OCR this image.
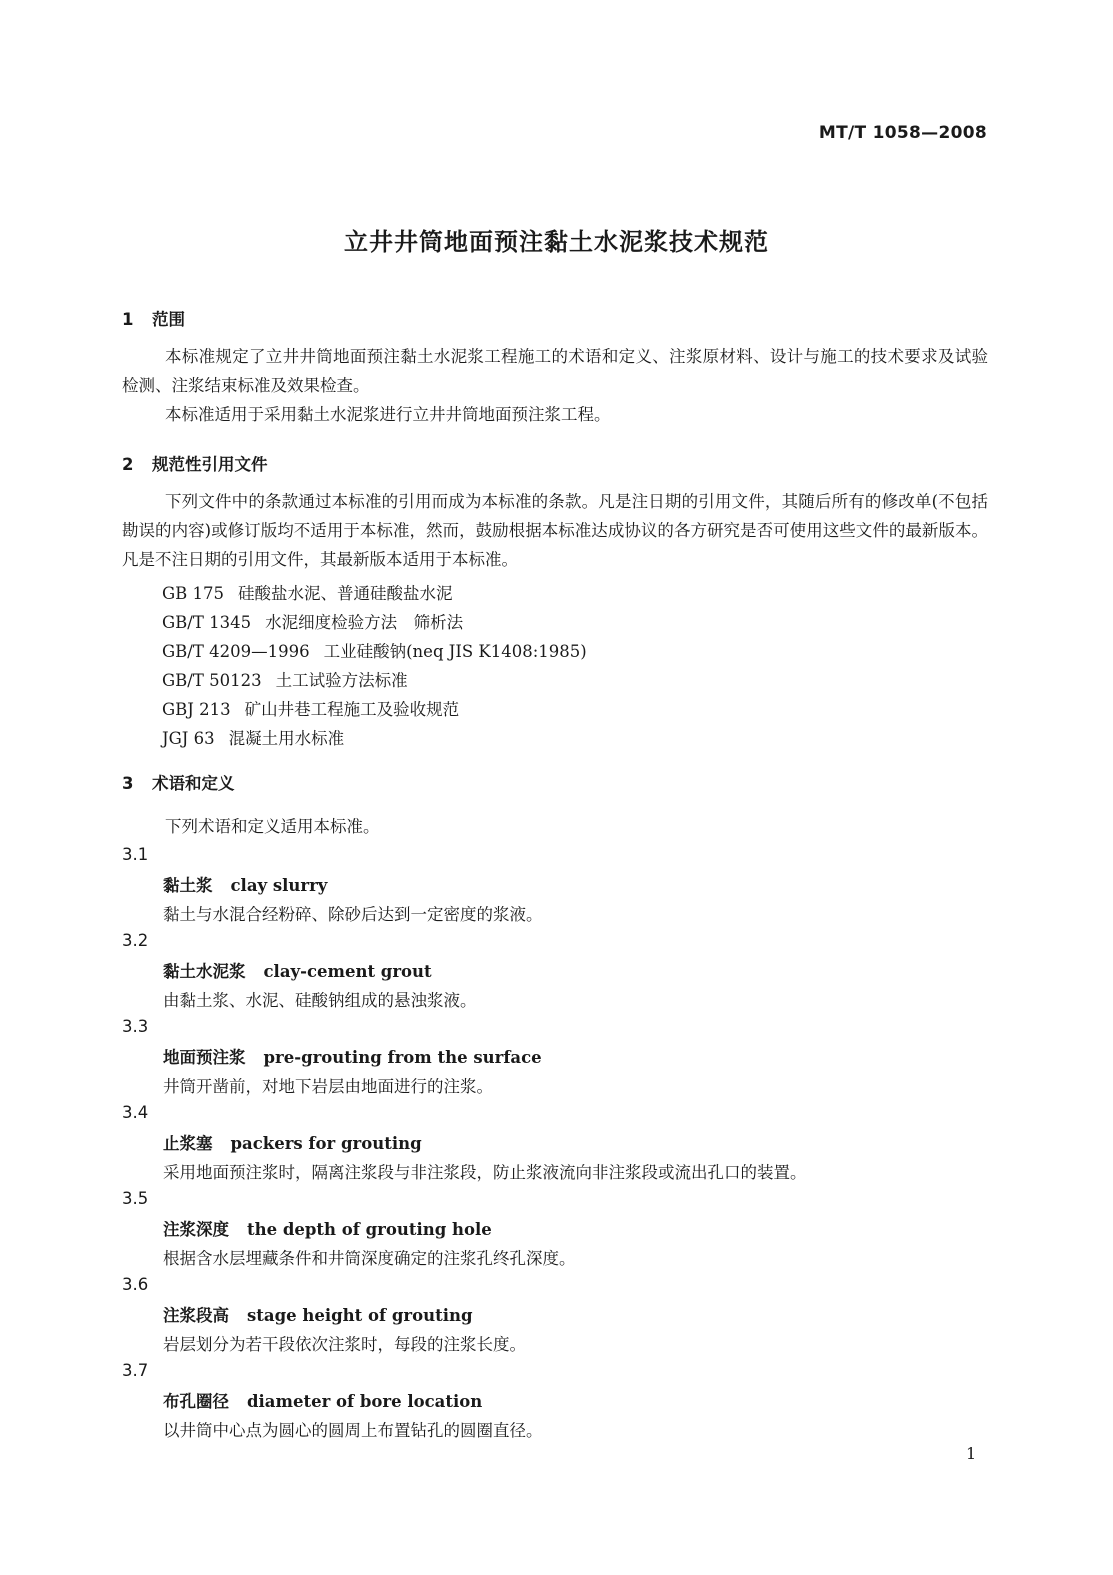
MT/T 1058—2008
立井井筒地面预注黏土水泥浆技术规范
1 范围
本标准规定了立井井筒地面预注黏土水泥浆工程施工的术语和定义、注浆原材料、设计与施工的技术要求及试验检测、注浆结束标准及效果检查。
本标准适用于采用黏土水泥浆进行立井井筒地面预注浆工程。
2 规范性引用文件
下列文件中的条款通过本标准的引用而成为本标准的条款。凡是注日期的引用文件，其随后所有的修改单(不包括勘误的内容)或修订版均不适用于本标准，然而，鼓励根据本标准达成协议的各方研究是否可使用这些文件的最新版本。凡是不注日期的引用文件，其最新版本适用于本标准。
GB 175 硅酸盐水泥、普通硅酸盐水泥
GB/T 1345 水泥细度检验方法　筛析法
GB/T 4209—1996 工业硅酸钠(neq JIS K1408:1985)
GB/T 50123 土工试验方法标准
GBJ 213 矿山井巷工程施工及验收规范
JGJ 63 混凝土用水标准
3 术语和定义
下列术语和定义适用本标准。
3.1
黏土浆 clay slurry
黏土与水混合经粉碎、除砂后达到一定密度的浆液。
3.2
黏土水泥浆 clay-cement grout
由黏土浆、水泥、硅酸钠组成的悬浊浆液。
3.3
地面预注浆 pre-grouting from the surface
井筒开凿前，对地下岩层由地面进行的注浆。
3.4
止浆塞 packers for grouting
采用地面预注浆时，隔离注浆段与非注浆段，防止浆液流向非注浆段或流出孔口的装置。
3.5
注浆深度 the depth of grouting hole
根据含水层埋藏条件和井筒深度确定的注浆孔终孔深度。
3.6
注浆段高 stage height of grouting
岩层划分为若干段依次注浆时，每段的注浆长度。
3.7
布孔圈径 diameter of bore location
以井筒中心点为圆心的圆周上布置钻孔的圆圈直径。
1
